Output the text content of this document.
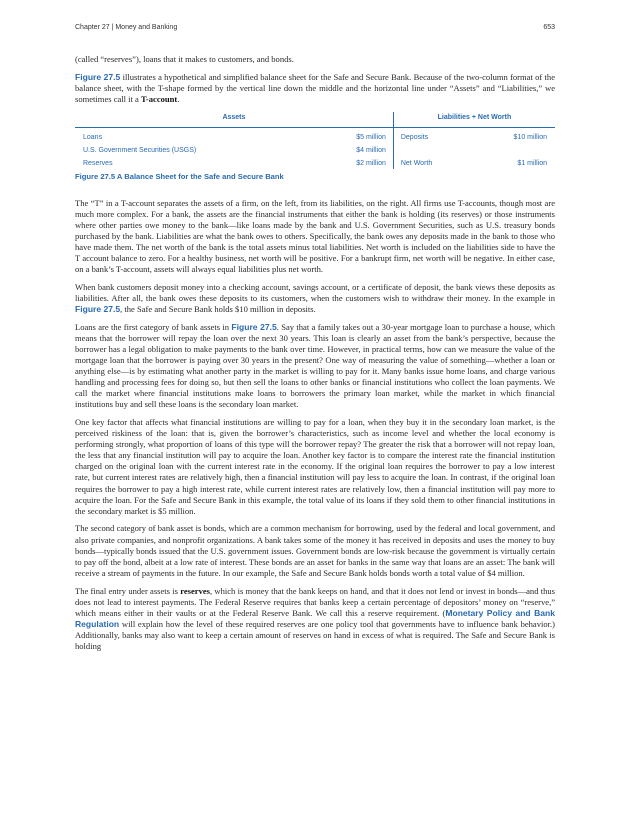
Chapter 27 | Money and Banking	653

(called “reserves”), loans that it makes to customers, and bonds.

Figure 27.5 illustrates a hypothetical and simplified balance sheet for the Safe and Secure Bank. Because of the two-column format of the balance sheet, with the T-shape formed by the vertical line down the middle and the horizontal line under “Assets” and “Liabilities,” we sometimes call it a T-account.

Assets		Liabilities + Net Worth	
Loans	$5 million	Deposits	$10 million
U.S. Government Securities (USGS)	$4 million		
Reserves	$2 million	Net Worth	$1 million
Figure 27.5 A Balance Sheet for the Safe and Secure Bank

The “T” in a T-account separates the assets of a firm, on the left, from its liabilities, on the right. All firms use T-accounts, though most are much more complex. For a bank, the assets are the financial instruments that either the bank is holding (its reserves) or those instruments where other parties owe money to the bank—like loans made by the bank and U.S. Government Securities, such as U.S. treasury bonds purchased by the bank. Liabilities are what the bank owes to others. Specifically, the bank owes any deposits made in the bank to those who have made them. The net worth of the bank is the total assets minus total liabilities. Net worth is included on the liabilities side to have the T account balance to zero. For a healthy business, net worth will be positive. For a bankrupt firm, net worth will be negative. In either case, on a bank’s T-account, assets will always equal liabilities plus net worth.

When bank customers deposit money into a checking account, savings account, or a certificate of deposit, the bank views these deposits as liabilities. After all, the bank owes these deposits to its customers, when the customers wish to withdraw their money. In the example in Figure 27.5, the Safe and Secure Bank holds $10 million in deposits.

Loans are the first category of bank assets in Figure 27.5. Say that a family takes out a 30-year mortgage loan to purchase a house, which means that the borrower will repay the loan over the next 30 years. This loan is clearly an asset from the bank’s perspective, because the borrower has a legal obligation to make payments to the bank over time. However, in practical terms, how can we measure the value of the mortgage loan that the borrower is paying over 30 years in the present? One way of measuring the value of something—whether a loan or anything else—is by estimating what another party in the market is willing to pay for it. Many banks issue home loans, and charge various handling and processing fees for doing so, but then sell the loans to other banks or financial institutions who collect the loan payments. We call the market where financial institutions make loans to borrowers the primary loan market, while the market in which financial institutions buy and sell these loans is the secondary loan market.

One key factor that affects what financial institutions are willing to pay for a loan, when they buy it in the secondary loan market, is the perceived riskiness of the loan: that is, given the borrower’s characteristics, such as income level and whether the local economy is performing strongly, what proportion of loans of this type will the borrower repay? The greater the risk that a borrower will not repay loan, the less that any financial institution will pay to acquire the loan. Another key factor is to compare the interest rate the financial institution charged on the original loan with the current interest rate in the economy. If the original loan requires the borrower to pay a low interest rate, but current interest rates are relatively high, then a financial institution will pay less to acquire the loan. In contrast, if the original loan requires the borrower to pay a high interest rate, while current interest rates are relatively low, then a financial institution will pay more to acquire the loan. For the Safe and Secure Bank in this example, the total value of its loans if they sold them to other financial institutions in the secondary market is $5 million.

The second category of bank asset is bonds, which are a common mechanism for borrowing, used by the federal and local government, and also private companies, and nonprofit organizations. A bank takes some of the money it has received in deposits and uses the money to buy bonds—typically bonds issued that the U.S. government issues. Government bonds are low-risk because the government is virtually certain to pay off the bond, albeit at a low rate of interest. These bonds are an asset for banks in the same way that loans are an asset: The bank will receive a stream of payments in the future. In our example, the Safe and Secure Bank holds bonds worth a total value of $4 million.

The final entry under assets is reserves, which is money that the bank keeps on hand, and that it does not lend or invest in bonds—and thus does not lead to interest payments. The Federal Reserve requires that banks keep a certain percentage of depositors’ money on “reserve,” which means either in their vaults or at the Federal Reserve Bank. We call this a reserve requirement. (Monetary Policy and Bank Regulation will explain how the level of these required reserves are one policy tool that governments have to influence bank behavior.) Additionally, banks may also want to keep a certain amount of reserves on hand in excess of what is required. The Safe and Secure Bank is holding
